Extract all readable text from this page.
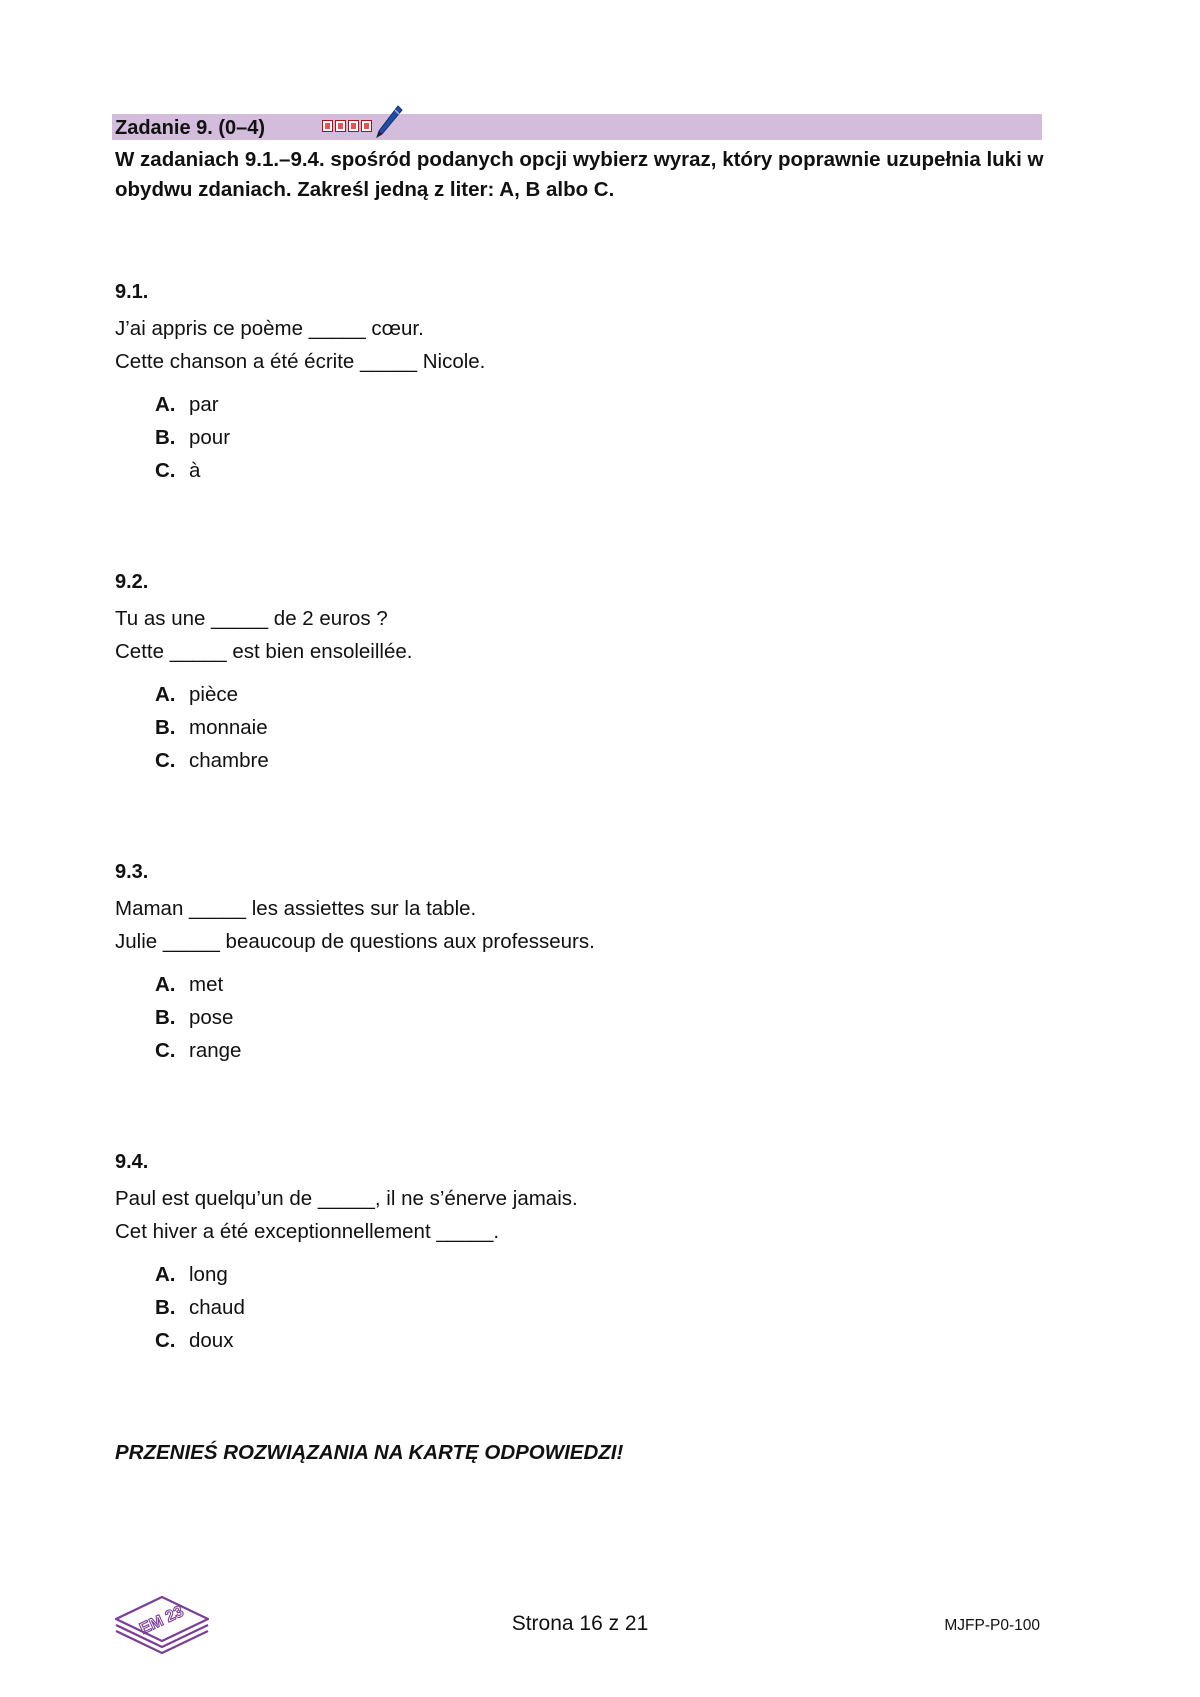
Zadanie 9. (0–4)
W zadaniach 9.1.–9.4. spośród podanych opcji wybierz wyraz, który poprawnie uzupełnia luki w obydwu zdaniach. Zakreśl jedną z liter: A, B albo C.
9.1.
J’ai appris ce poème _____ cœur.
Cette chanson a été écrite _____ Nicole.
A. par
B. pour
C. à
9.2.
Tu as une _____ de 2 euros ?
Cette _____ est bien ensoleillée.
A. pièce
B. monnaie
C. chambre
9.3.
Maman _____ les assiettes sur la table.
Julie _____ beaucoup de questions aux professeurs.
A. met
B. pose
C. range
9.4.
Paul est quelqu’un de _____, il ne s’énerve jamais.
Cet hiver a été exceptionnellement _____.
A. long
B. chaud
C. doux
PRZENIEŚ ROZWIĄZANIA NA KARTĘ ODPOWIEDZI!
EM 23	Strona 16 z 21	MJFP-P0-100
